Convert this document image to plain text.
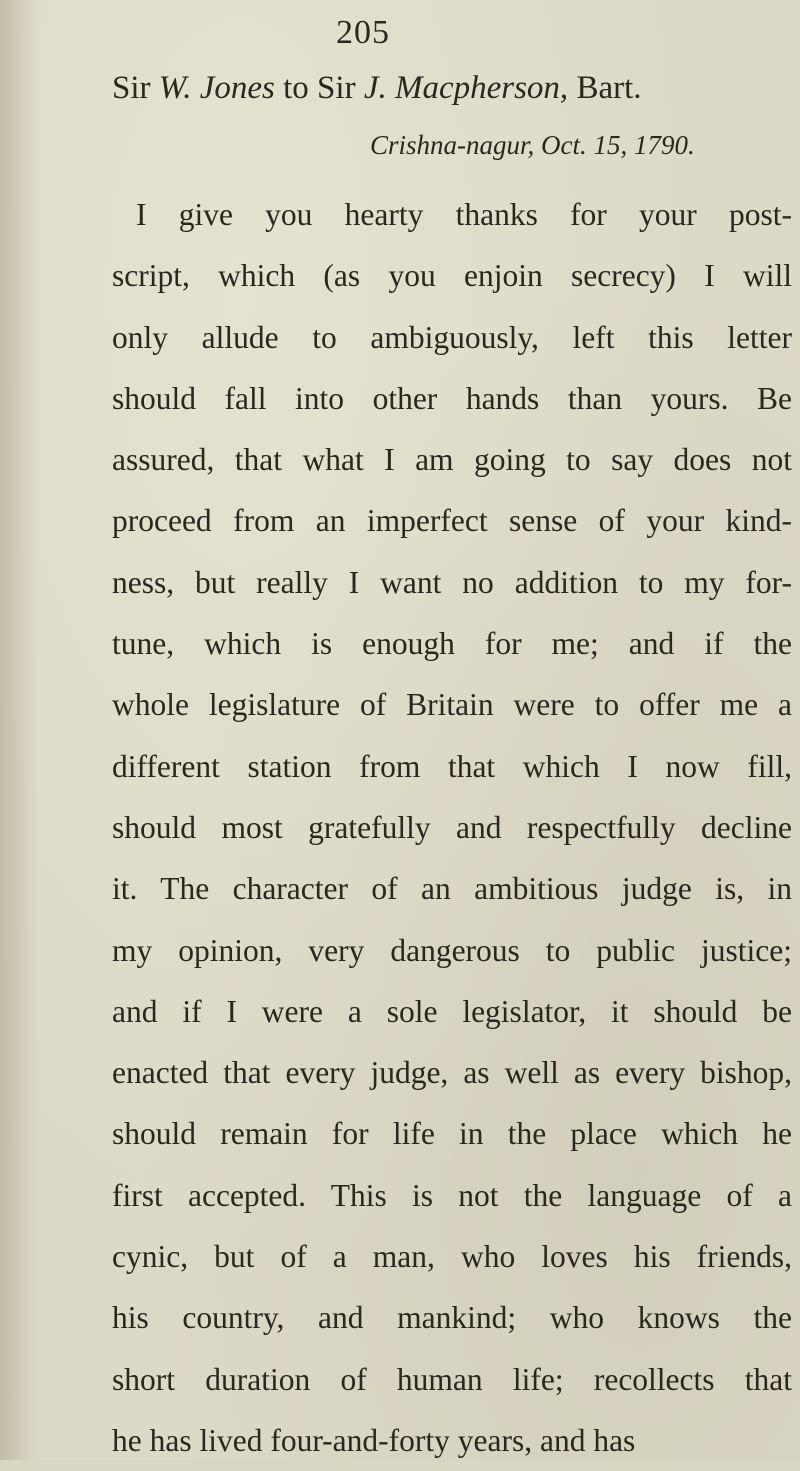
205
Sir W. Jones to Sir J. Macpherson, Bart.
Crishna-nagur, Oct. 15, 1790.
I give you hearty thanks for your post-
script, which (as you enjoin secrecy) I will
only allude to ambiguously, left this letter
should fall into other hands than yours. Be
assured, that what I am going to say does not
proceed from an imperfect sense of your kind-
ness, but really I want no addition to my for-
tune, which is enough for me; and if the
whole legislature of Britain were to offer me a
different station from that which I now fill,
should most gratefully and respectfully decline
it. The character of an ambitious judge is, in
my opinion, very dangerous to public justice;
and if I were a sole legislator, it should be
enacted that every judge, as well as every bishop,
should remain for life in the place which he
first accepted. This is not the language of a
cynic, but of a man, who loves his friends,
his country, and mankind; who knows the
short duration of human life; recollects that
he has lived four-and-forty years, and has
